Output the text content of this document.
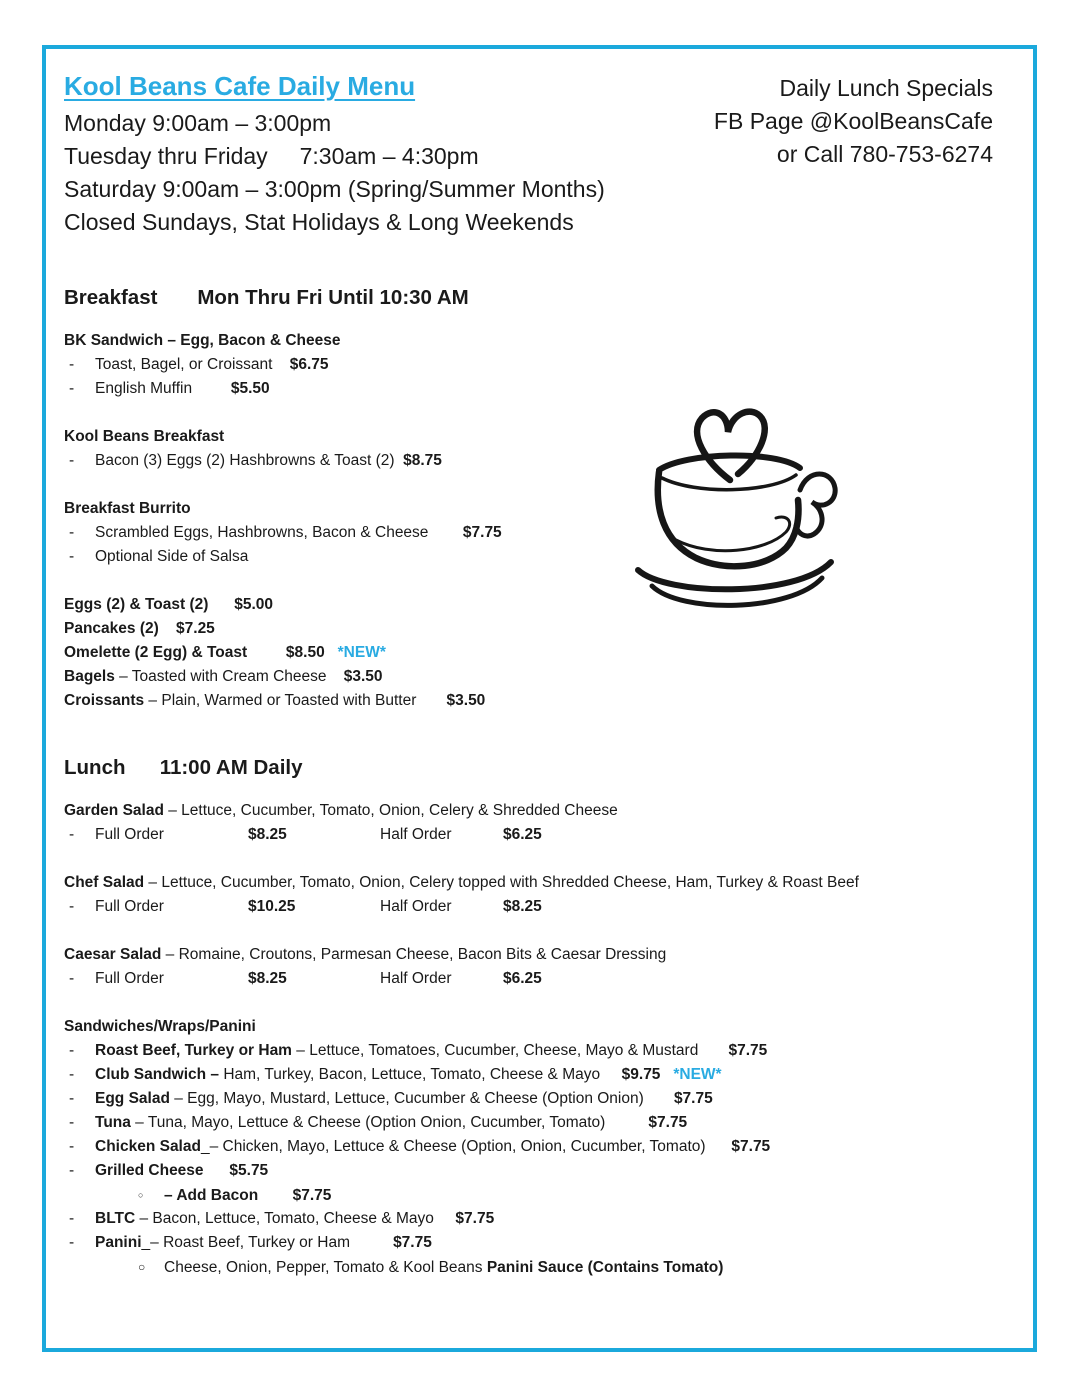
Kool Beans Cafe Daily Menu
Monday 9:00am – 3:00pm
Tuesday thru Friday     7:30am – 4:30pm
Saturday 9:00am – 3:00pm (Spring/Summer Months)
Closed Sundays, Stat Holidays & Long Weekends
Daily Lunch Specials
FB Page @KoolBeansCafe
or Call 780-753-6274
Breakfast Mon Thru Fri Until 10:30 AM
BK Sandwich – Egg, Bacon & Cheese
- Toast, Bagel, or Croissant    $6.75
- English Muffin         $5.50
Kool Beans Breakfast
- Bacon (3) Eggs (2) Hashbrowns & Toast (2)  $8.75
Breakfast Burrito
- Scrambled Eggs, Hashbrowns, Bacon & Cheese        $7.75
- Optional Side of Salsa
Eggs (2) & Toast (2)      $5.00
Pancakes (2)    $7.25
Omelette (2 Egg) & Toast         $8.50 *NEW*
Bagels – Toasted with Cream Cheese    $3.50
Croissants – Plain, Warmed or Toasted with Butter       $3.50
Lunch 11:00 AM Daily
Garden Salad – Lettuce, Cucumber, Tomato, Onion, Celery & Shredded Cheese
- Full Order	$8.25	Half Order	$6.25
Chef Salad – Lettuce, Cucumber, Tomato, Onion, Celery topped with Shredded Cheese, Ham, Turkey & Roast Beef
- Full Order	$10.25	Half Order	$8.25
Caesar Salad – Romaine, Croutons, Parmesan Cheese, Bacon Bits & Caesar Dressing
- Full Order	$8.25	Half Order	$6.25
Sandwiches/Wraps/Panini
- Roast Beef, Turkey or Ham – Lettuce, Tomatoes, Cucumber, Cheese, Mayo & Mustard       $7.75
- Club Sandwich – Ham, Turkey, Bacon, Lettuce, Tomato, Cheese & Mayo     $9.75 *NEW*
- Egg Salad – Egg, Mayo, Mustard, Lettuce, Cucumber & Cheese (Option Onion)       $7.75
- Tuna – Tuna, Mayo, Lettuce & Cheese (Option Onion, Cucumber, Tomato)          $7.75
- Chicken Salad_– Chicken, Mayo, Lettuce & Cheese (Option, Onion, Cucumber, Tomato)      $7.75
- Grilled Cheese      $5.75
○ – Add Bacon        $7.75
- BLTC – Bacon, Lettuce, Tomato, Cheese & Mayo     $7.75
- Panini_– Roast Beef, Turkey or Ham          $7.75
○ Cheese, Onion, Pepper, Tomato & Kool Beans Panini Sauce (Contains Tomato)
